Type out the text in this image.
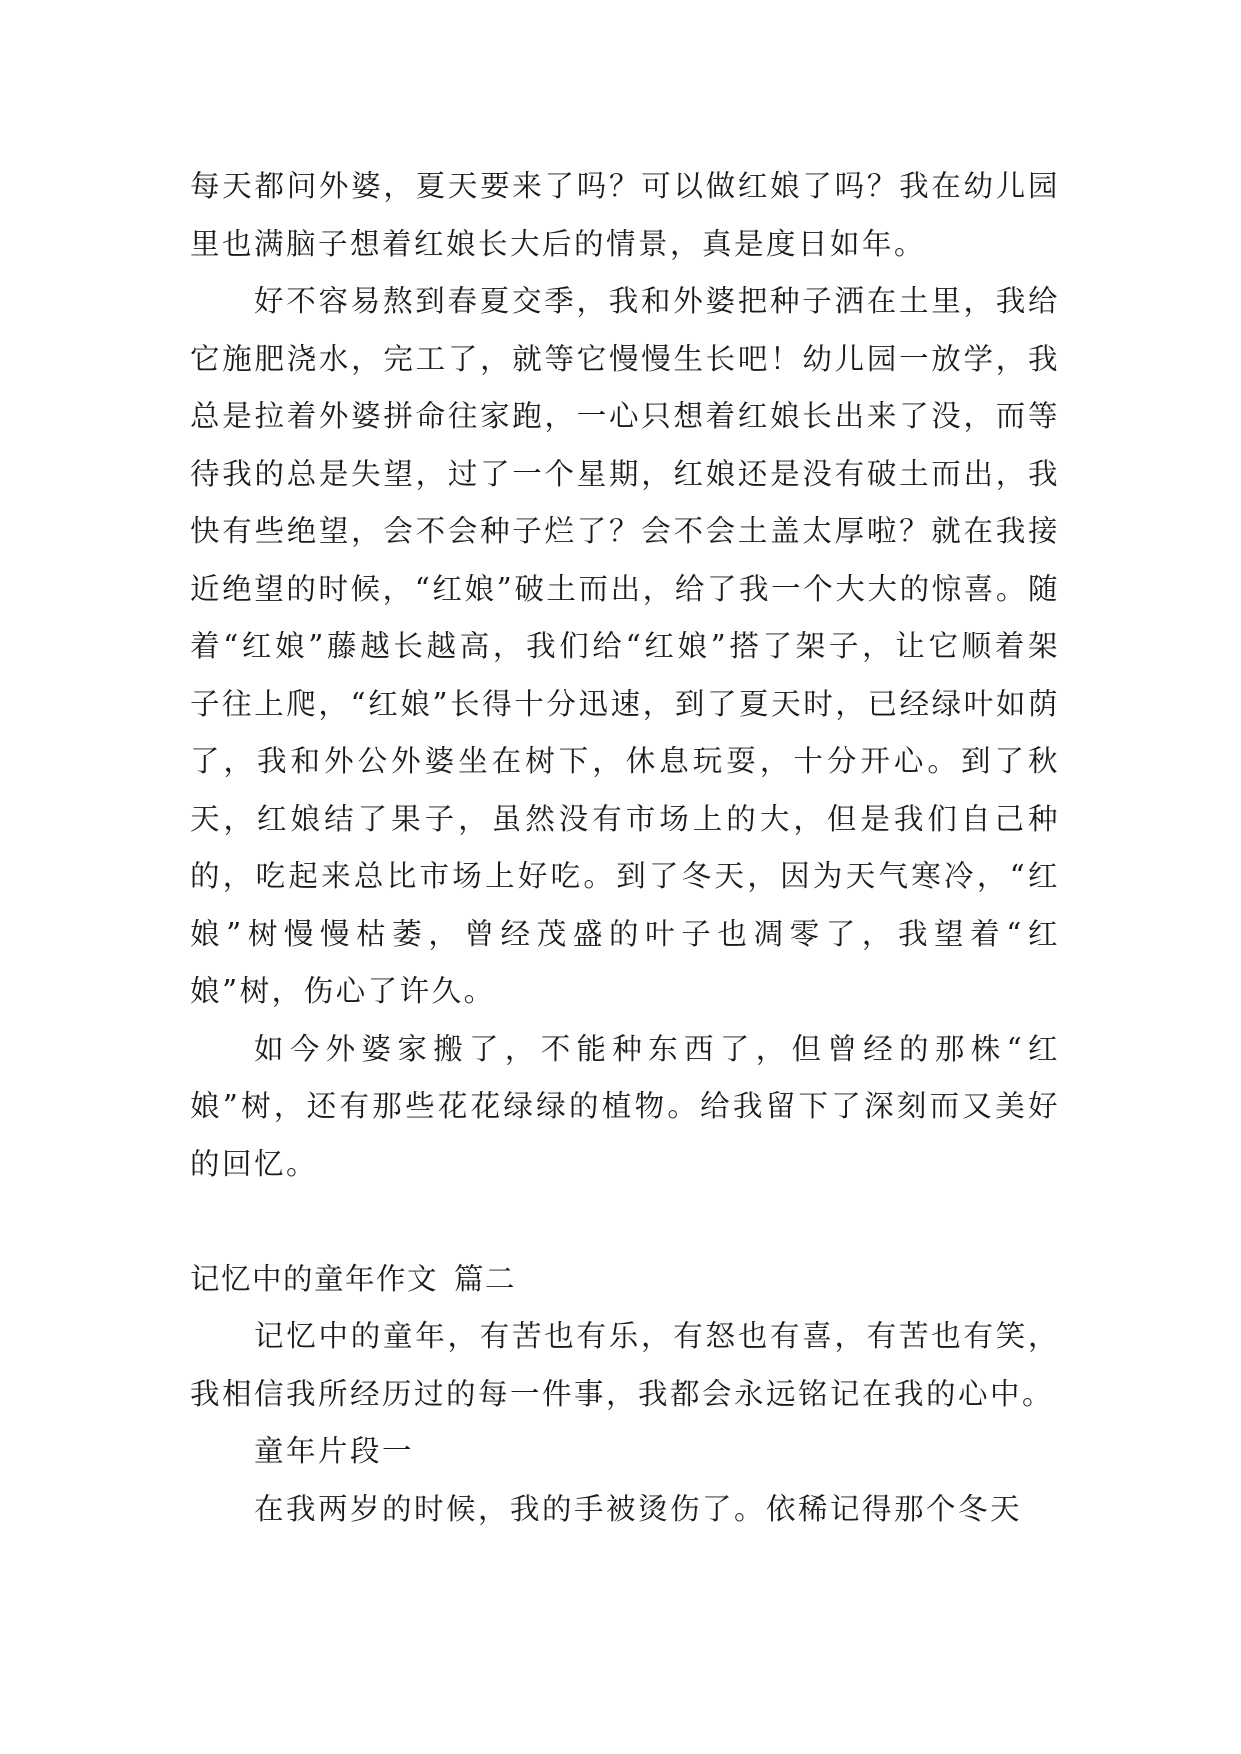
每天都问外婆，夏天要来了吗？可以做红娘了吗？我在幼儿园里也满脑子想着红娘长大后的情景，真是度日如年。

好不容易熬到春夏交季，我和外婆把种子洒在土里，我给它施肥浇水，完工了，就等它慢慢生长吧！幼儿园一放学，我总是拉着外婆拼命往家跑，一心只想着红娘长出来了没，而等待我的总是失望，过了一个星期，红娘还是没有破土而出，我快有些绝望，会不会种子烂了？会不会土盖太厚啦？就在我接近绝望的时候，“红娘”破土而出，给了我一个大大的惊喜。随着“红娘”藤越长越高，我们给“红娘”搭了架子，让它顺着架子往上爬，“红娘”长得十分迅速，到了夏天时，已经绿叶如荫了，我和外公外婆坐在树下，休息玩耍，十分开心。到了秋天，红娘结了果子，虽然没有市场上的大，但是我们自己种的，吃起来总比市场上好吃。到了冬天，因为天气寒冷，“红娘”树慢慢枯萎，曾经茂盛的叶子也凋零了，我望着“红娘”树，伤心了许久。

如今外婆家搬了，不能种东西了，但曾经的那株“红娘”树，还有那些花花绿绿的植物。给我留下了深刻而又美好的回忆。

记忆中的童年作文 篇二

记忆中的童年，有苦也有乐，有怒也有喜，有苦也有笑，我相信我所经历过的每一件事，我都会永远铭记在我的心中。

童年片段一

在我两岁的时候，我的手被烫伤了。依稀记得那个冬天
